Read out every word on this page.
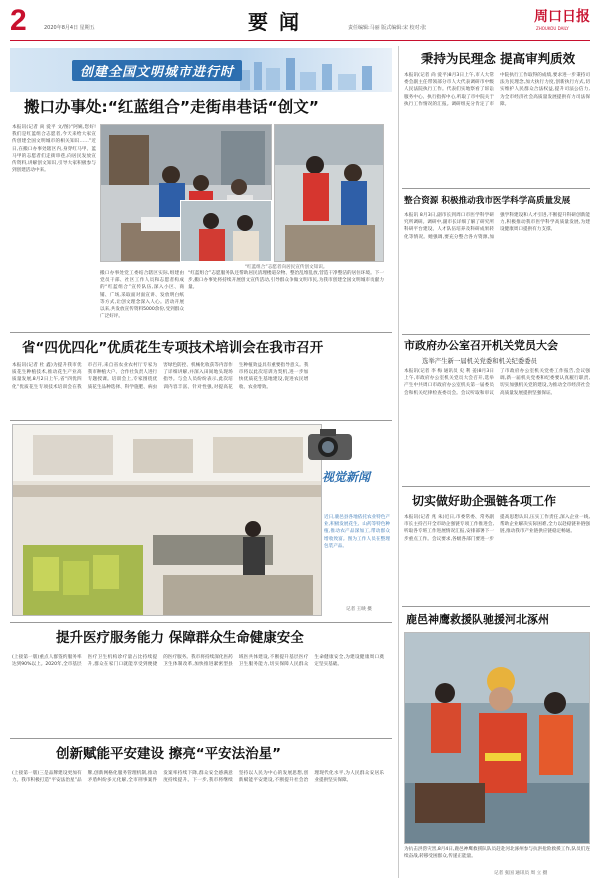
2	2020年8月4日 星期五	要 闻	责任编辑:马丽 版式编辑:宋 校对:张
周口日报
ZHOUKOU DAILY
创建全国文明城市进行时
搬口办事处:“红蓝组合”走街串巷话“创文”
本报讯(记者 尚 爱平 文/图)“阿姨,您好!我们是红蓝组合志愿者,今天来给大家宣传创建全国文明城市的相关知识……”近日,在搬口办事处辖区内,身穿红马甲、蓝马甲的志愿者们走街串巷,向居民发放宣传资料,讲解创文知识,引导大家积极参与到创建活动中来。
“红蓝组合”志愿者向居民宣传创文知识。
搬口办事处党工委结合辖区实际,组建由党员干部、社区工作人员和志愿者构成的“红蓝组合”宣传队伍,深入小区、商铺、广场,采取面对面宣讲、发放明白纸等方式,让创文理念深入人心。活动开展以来,共发放宣传资料5000余份,受到群众广泛好评。
“红蓝组合”志愿服务队还帮助居民清理楼道杂物、整治乱堆乱放,营造干净整洁的居住环境。下一步,搬口办事处将持续开展创文宣传活动,引导群众争做文明市民,为我市创建全国文明城市贡献力量。
省“四优四化”优质花生专项技术培训会在我市召开
本报讯(记者 杜 鑫)为提升我市优质花生种植技术,推动花生产业高质量发展,8月2日上午,省“四优四化”优质花生专项技术培训会在我市召开,来自省农业农村厅专家为我市种植大户、合作社负责人进行专题授课。培训会上,专家围绕优质花生品种选择、科学施肥、病虫害绿色防控、机械化收获等内容作了详细讲解,并深入田间地头现场指导。与会人员纷纷表示,此次培训内容丰富、针对性强,对提高花生种植效益具有重要指导意义。我市将以此次培训为契机,进一步加快优质花生基地建设,促进农民增收、农业增效。
视觉新闻
近日,鹿邑县各地依托农业特色产业,积极发展花生、山药等特色种植,推动农产品深加工,带动群众增收致富。图为工作人员在整理包装产品。
记者 王映 摄
提升医疗服务能力 保障群众生命健康安全
(上接第一版)重点人群签约服务率达到90%以上。2020年,全市基层医疗卫生机构诊疗量占比持续提升,群众在家门口就能享受到便捷的医疗服务。我市将持续深化医药卫生体制改革,加快推进紧密型县域医共体建设,不断提升基层医疗卫生服务能力,切实保障人民群众生命健康安全,为建设健康周口奠定坚实基础。
创新赋能平安建设 擦亮“平安法治星”
(上接第一版)三是品牌建设更加有力。我市积极打造“平安法治星”品牌,创新网格化服务管理机制,推动矛盾纠纷多元化解,全市刑事案件发案率持续下降,群众安全感满意度持续提升。下一步,我市将继续坚持以人民为中心的发展思想,创新赋能平安建设,不断提升社会治理现代化水平,为人民群众安居乐业提供坚实保障。
秉持为民理念 提高审判质效
本报讯(记者 尚 爱平)8月3日上午,市人大常委会副主任带领部分市人大代表调研市中级人民法院执行工作。代表们实地察看了诉讼服务中心、执行指挥中心,听取了市中院关于执行工作情况的汇报。调研组充分肯定了市中院执行工作取得的成绩,要求进一步秉持司法为民理念,加大执行力度,创新执行方式,切实维护人民群众合法权益,提升司法公信力,为全市经济社会高质量发展提供有力司法保障。
整合资源 积极推动我市医学科学高质量发展
本报讯 8月3日,副市长到周口市医学科学研究所调研。调研中,副市长详细了解了研究所科研平台建设、人才队伍培养及科研成果转化等情况。她强调,要充分整合各方资源,加强学科建设和人才引进,不断提升科研创新能力,积极推动我市医学科学高质量发展,为建设健康周口提供有力支撑。
市政府办公室召开机关党员大会
选举产生新一届机关党委和机关纪委委员
本报讯(记者 李 梅 通讯员 史 利 姜)8月3日上午,市政府办公室机关党员大会召开,选举产生中共周口市政府办公室机关第一届委员会和机关纪律检查委员会。会议听取和审议了市政府办公室机关党委工作报告,会议强调,新一届机关党委和纪委要认真履行职责,切实加强机关党的建设,为推动全市经济社会高质量发展提供坚强保证。
切实做好助企强链各项工作
本报讯(记者 兆 朱)近日,市委常委、常务副市长主持召开全市助企强链专项工作推进会,听取各专班工作进展情况汇报,安排部署下一步重点工作。会议要求,各级各部门要进一步提高思想认识,压实工作责任,深入企业一线,帮助企业解决实际困难,全力以赴稳链补链强链,推动我市产业链供应链稳定畅通。
鹿邑神鹰救援队驰援河北涿州
为抗击洪涝灾害,8月4日,鹿邑神鹰救援队队员赶赴河北涿州参与抗洪抢险救援工作,队员们连续奋战,转移受困群众,传递正能量。
记者 张国 通讯员 周 立 摄
